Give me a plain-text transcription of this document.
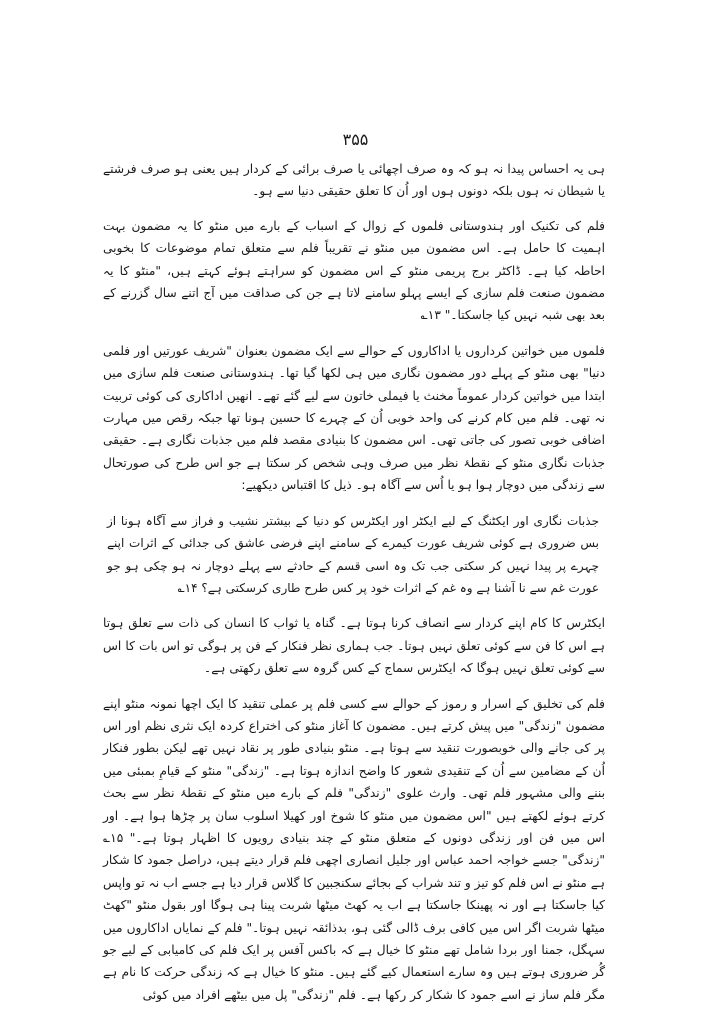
۳۵۵

ہی یہ احساس پیدا نہ ہو کہ وہ صرف اچھائی یا صرف برائی کے کردار ہیں یعنی ہو صرف فرشتے یا شیطان نہ ہوں بلکہ دونوں ہوں اور اُن کا تعلق حقیقی دنیا سے ہو۔

فلم کی تکنیک اور ہندوستانی فلموں کے زوال کے اسباب کے بارے میں منٹو کا یہ مضمون بہت اہمیت کا حامل ہے۔ اس مضمون میں منٹو نے تقریباً فلم سے متعلق تمام موضوعات کا بخوبی احاطہ کیا ہے۔ ڈاکٹر برج پریمی منٹو کے اس مضمون کو سراہتے ہوئے کہتے ہیں، "منٹو کا یہ مضمون صنعت فلم سازی کے ایسے پہلو سامنے لاتا ہے جن کی صداقت میں آج اتنے سال گزرنے کے بعد بھی شبہ نہیں کیا جاسکتا۔" ۱۳؎

فلموں میں خواتین کرداروں یا اداکاروں کے حوالے سے ایک مضمون بعنوان "شریف عورتیں اور فلمی دنیا" بھی منٹو کے پہلے دور مضمون نگاری میں ہی لکھا گیا تھا۔ ہندوستانی صنعت فلم سازی میں ابتدا میں خواتین کردار عموماً مخنث یا فیملی خاتون سے لیے گئے تھے۔ انھیں اداکاری کی کوئی تربیت نہ تھی۔ فلم میں کام کرنے کی واحد خوبی اُن کے چہرے کا حسین ہونا تھا جبکہ رقص میں مہارت اضافی خوبی تصور کی جاتی تھی۔ اس مضمون کا بنیادی مقصد فلم میں جذبات نگاری ہے۔ حقیقی جذبات نگاری منٹو کے نقطۂ نظر میں صرف وہی شخص کر سکتا ہے جو اس طرح کی صورتحال سے زندگی میں دوچار ہوا ہو یا اُس سے آگاہ ہو۔ ذیل کا اقتباس دیکھیے:

جذبات نگاری اور ایکٹنگ کے لیے ایکٹر اور ایکٹرس کو دنیا کے بیشتر نشیب و فراز سے آگاہ ہونا از بس ضروری ہے کوئی شریف عورت کیمرے کے سامنے اپنے فرضی عاشق کی جدائی کے اثرات اپنے چہرے پر پیدا نہیں کر سکتی جب تک وہ اسی قسم کے حادثے سے پہلے دوچار نہ ہو چکی ہو جو عورت غم سے نا آشنا ہے وہ غم کے اثرات خود پر کس طرح طاری کرسکتی ہے؟ ۱۴؎

ایکٹرس کا کام اپنے کردار سے انصاف کرنا ہوتا ہے۔ گناہ یا ثواب کا انسان کی ذات سے تعلق ہوتا ہے اس کا فن سے کوئی تعلق نہیں ہوتا۔ جب ہماری نظر فنکار کے فن پر ہوگی تو اس بات کا اس سے کوئی تعلق نہیں ہوگا کہ ایکٹرس سماج کے کس گروہ سے تعلق رکھتی ہے۔

فلم کی تخلیق کے اسرار و رموز کے حوالے سے کسی فلم پر عملی تنقید کا ایک اچھا نمونہ منٹو اپنے مضمون "زندگی" میں پیش کرتے ہیں۔ مضمون کا آغاز منٹو کی اختراع کردہ ایک نثری نظم اور اس پر کی جانے والی خوبصورت تنقید سے ہوتا ہے۔ منٹو بنیادی طور پر نقاد نہیں تھے لیکن بطور فنکار اُن کے مضامین سے اُن کے تنقیدی شعور کا واضح اندازہ ہوتا ہے۔ "زندگی" منٹو کے قیامِ بمبئی میں بننے والی مشہور فلم تھی۔ وارث علوی "زندگی" فلم کے بارے میں منٹو کے نقطۂ نظر سے بحث کرتے ہوئے لکھتے ہیں "اس مضمون میں منٹو کا شوخ اور کھیلا اسلوب سان پر چڑھا ہوا ہے۔ اور اس میں فن اور زندگی دونوں کے متعلق منٹو کے چند بنیادی رویوں کا اظہار ہوتا ہے۔" ۱۵؎ "زندگی" جسے خواجہ احمد عباس اور جلیل انصاری اچھی فلم قرار دیتے ہیں، دراصل جمود کا شکار ہے منٹو نے اس فلم کو تیز و تند شراب کے بجائے سکنجبین کا گلاس قرار دیا ہے جسے اب نہ تو واپس کیا جاسکتا ہے اور نہ پھینکا جاسکتا ہے اب یہ کھٹ میٹھا شربت پینا ہی ہوگا اور بقول منٹو "کھٹ میٹھا شربت اگر اس میں کافی برف ڈالی گئی ہو، بدذائقہ نہیں ہوتا۔" فلم کے نمایاں اداکاروں میں سہگل، جمنا اور بردا شامل تھے منٹو کا خیال ہے کہ باکس آفس پر ایک فلم کی کامیابی کے لیے جو گُر ضروری ہوتے ہیں وہ سارے استعمال کیے گئے ہیں۔ منٹو کا خیال ہے کہ زندگی حرکت کا نام ہے مگر فلم ساز نے اسے جمود کا شکار کر رکھا ہے۔ فلم "زندگی" پل میں بیٹھے افراد میں کوئی
